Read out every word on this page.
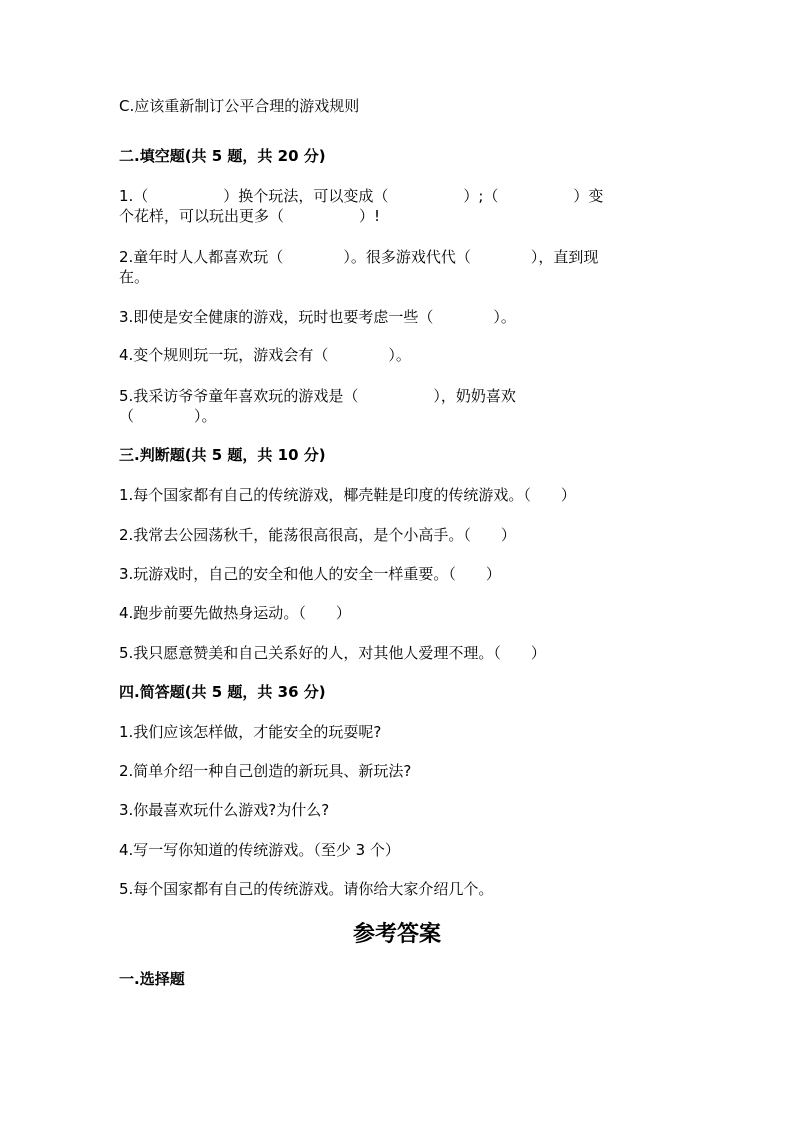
C.应该重新制订公平合理的游戏规则
二.填空题(共 5 题，共 20 分)
1.（　　　　　）换个玩法，可以变成（　　　　　）;（　　　　　）变
个花样，可以玩出更多（　　　　　）!
2.童年时人人都喜欢玩（　　　　）。很多游戏代代（　　　　），直到现
在。
3.即使是安全健康的游戏，玩时也要考虑一些（　　　　）。
4.变个规则玩一玩，游戏会有（　　　　）。
5.我采访爷爷童年喜欢玩的游戏是（　　　　　），奶奶喜欢
（　　　　）。
三.判断题(共 5 题，共 10 分)
1.每个国家都有自己的传统游戏，椰壳鞋是印度的传统游戏。（　　）
2.我常去公园荡秋千，能荡很高很高，是个小高手。（　　）
3.玩游戏时，自己的安全和他人的安全一样重要。（　　）
4.跑步前要先做热身运动。（　　）
5.我只愿意赞美和自己关系好的人，对其他人爱理不理。（　　）
四.简答题(共 5 题，共 36 分)
1.我们应该怎样做，才能安全的玩耍呢?
2.简单介绍一种自己创造的新玩具、新玩法?
3.你最喜欢玩什么游戏?为什么?
4.写一写你知道的传统游戏。（至少 3 个）
5.每个国家都有自己的传统游戏。请你给大家介绍几个。
参考答案
一.选择题
